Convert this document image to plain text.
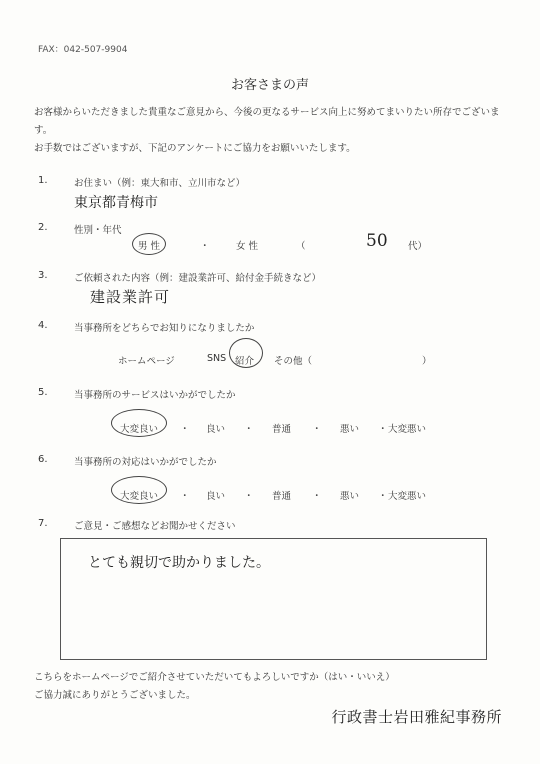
FAX：042-507-9904
お客さまの声
お客様からいただきました貴重なご意見から、今後の更なるサービス向上に努めてまいりたい所存でございま
す。
お手数ではございますが、下記のアンケートにご協力をお願いいたします。
1.	お住まい（例：東大和市、立川市など）
東京都青梅市
2.	性別・年代
男 性	・	女 性	（	50 代）
3.	ご依頼された内容（例：建設業許可、給付金手続きなど）
建設業許可
4.	当事務所をどちらでお知りになりましたか
ホームページ	SNS 紹介 その他（	）
5.	当事務所のサービスはいかがでしたか
大変良い ・ 良い ・ 普通 ・ 悪い ・ 大変悪い
6.	当事務所の対応はいかがでしたか
大変良い ・ 良い ・ 普通 ・ 悪い ・ 大変悪い
7.	ご意見・ご感想などお聞かせください
とても親切で助かりました。
こちらをホームページでご紹介させていただいてもよろしいですか（はい・いいえ）
ご協力誠にありがとうございました。
行政書士岩田雅紀事務所
